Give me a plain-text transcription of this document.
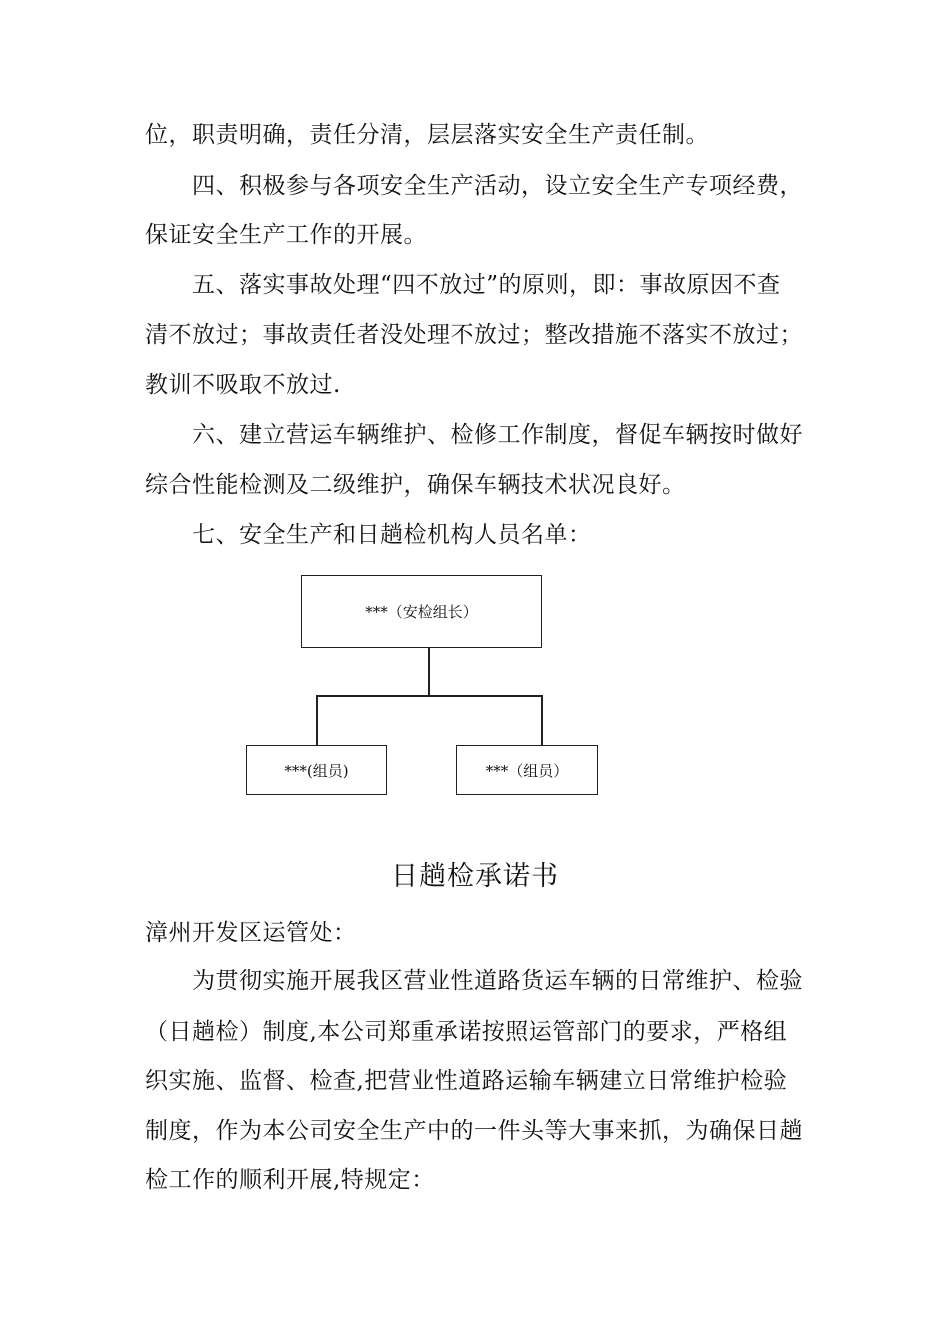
位，职责明确，责任分清，层层落实安全生产责任制。
四、积极参与各项安全生产活动，设立安全生产专项经费，
保证安全生产工作的开展。
五、落实事故处理“四不放过”的原则，即：事故原因不查
清不放过；事故责任者没处理不放过；整改措施不落实不放过；
教训不吸取不放过.
六、建立营运车辆维护、检修工作制度，督促车辆按时做好
综合性能检测及二级维护，确保车辆技术状况良好。
七、安全生产和日趟检机构人员名单：
***（安检组长）
***(组员)	***（组员）
日趟检承诺书
漳州开发区运管处：
为贯彻实施开展我区营业性道路货运车辆的日常维护、检验
（日趟检）制度,本公司郑重承诺按照运管部门的要求，严格组
织实施、监督、检查,把营业性道路运输车辆建立日常维护检验
制度，作为本公司安全生产中的一件头等大事来抓，为确保日趟
检工作的顺利开展,特规定：
